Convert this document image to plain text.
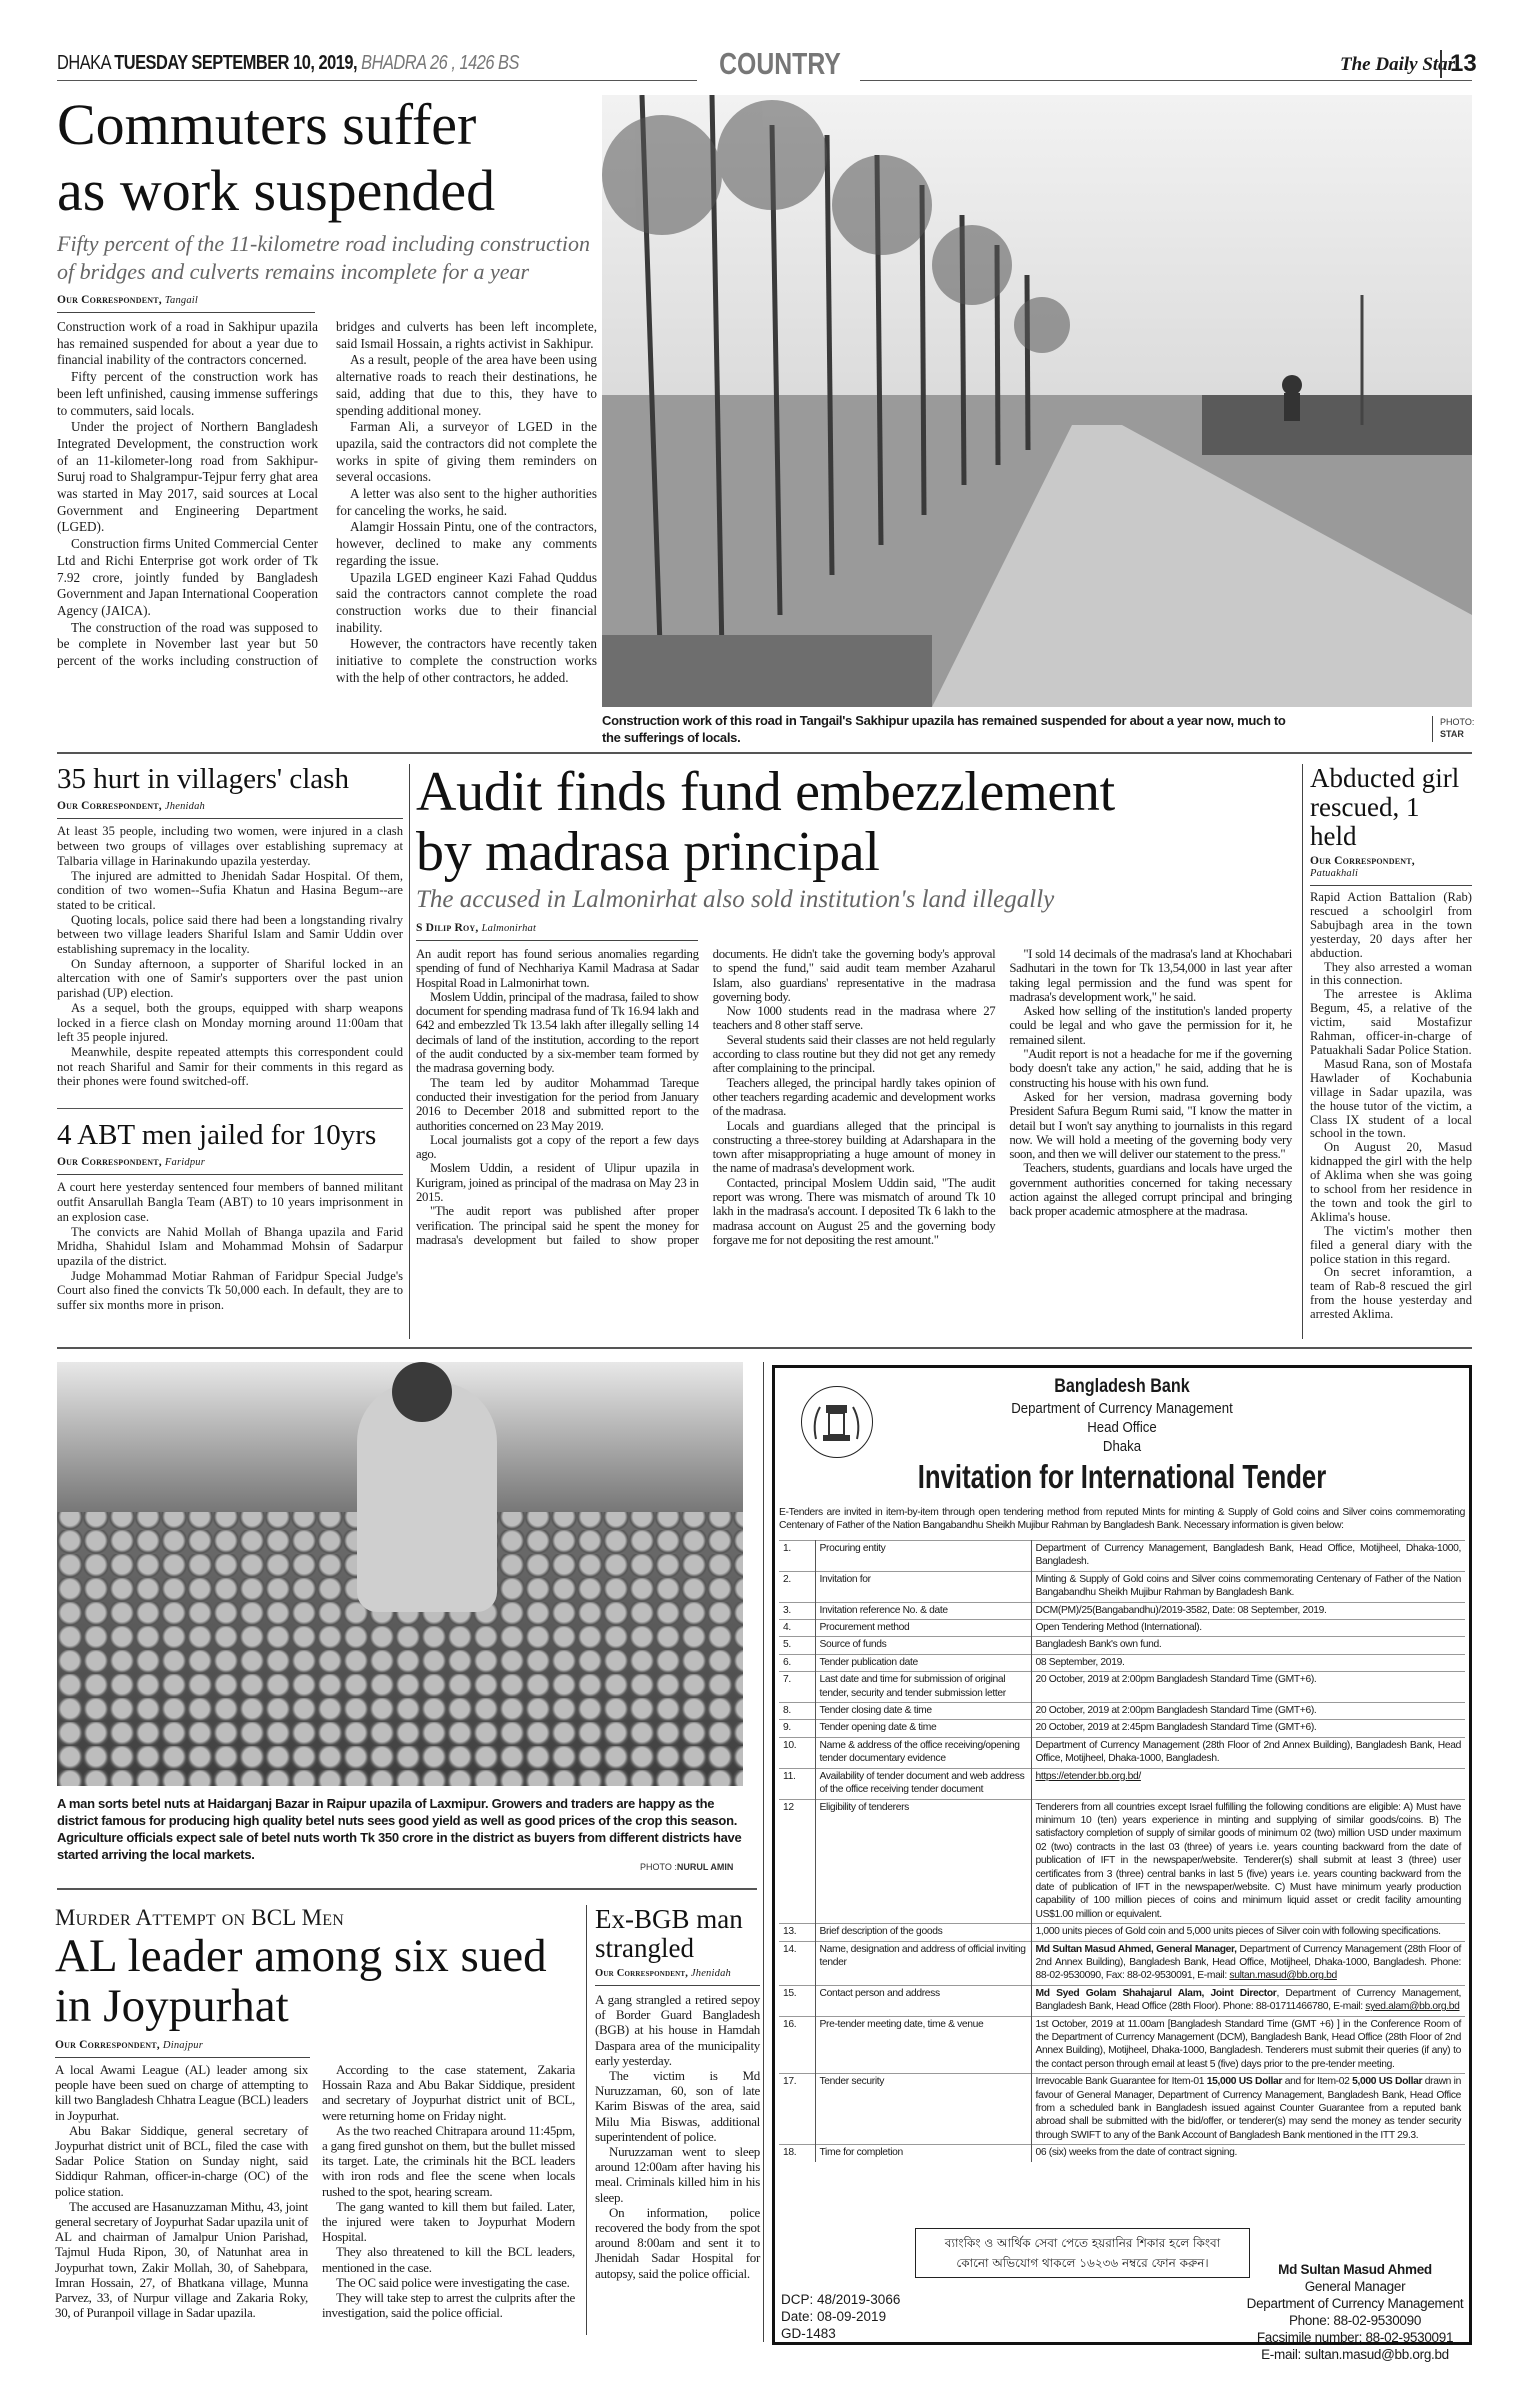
DHAKA TUESDAY SEPTEMBER 10, 2019, BHADRA 26 , 1426 BS	COUNTRY	The Daily Star
13
Commuters suffer
as work suspended
Fifty percent of the 11-kilometre road including construction of bridges and culverts remains incomplete for a year
Our Correspondent, Tangail

Construction work of a road in Sakhipur upazila has remained suspended for about a year due to financial inability of the contractors concerned.

Fifty percent of the construction work has been left unfinished, causing immense sufferings to commuters, said locals.

Under the project of Northern Bangladesh Integrated Development, the construction work of an 11-kilometer-long road from Sakhipur-Suruj road to Shalgrampur-Tejpur ferry ghat area was started in May 2017, said sources at Local Government and Engineering Department (LGED).

Construction firms United Commercial Center Ltd and Richi Enterprise got work order of Tk 7.92 crore, jointly funded by Bangladesh Government and Japan International Cooperation Agency (JAICA).

The construction of the road was supposed to be complete in November last year but 50 percent of the works including construction of bridges and culverts has been left incomplete, said Ismail Hossain, a rights activist in Sakhipur.

As a result, people of the area have been using alternative roads to reach their destinations, he said, adding that due to this, they have to spending additional money.

Farman Ali, a surveyor of LGED in the upazila, said the contractors did not complete the works in spite of giving them reminders on several occasions.

A letter was also sent to the higher authorities for canceling the works, he said.

Alamgir Hossain Pintu, one of the contractors, however, declined to make any comments regarding the issue.

Upazila LGED engineer Kazi Fahad Quddus said the contractors cannot complete the road construction works due to their financial inability.

However, the contractors have recently taken initiative to complete the construction works with the help of other contractors, he added.

Construction work of this road in Tangail's Sakhipur upazila has remained suspended for about a year now, much to the sufferings of locals.
PHOTO:
STAR
35 hurt in villagers' clash
Our Correspondent, Jhenidah

At least 35 people, including two women, were injured in a clash between two groups of villages over establishing supremacy at Talbaria village in Harinakundo upazila yesterday.

The injured are admitted to Jhenidah Sadar Hospital. Of them, condition of two women--Sufia Khatun and Hasina Begum--are stated to be critical.

Quoting locals, police said there had been a longstanding rivalry between two village leaders Shariful Islam and Samir Uddin over establishing supremacy in the locality.

On Sunday afternoon, a supporter of Shariful locked in an altercation with one of Samir's supporters over the past union parishad (UP) election.

As a sequel, both the groups, equipped with sharp weapons locked in a fierce clash on Monday morning around 11:00am that left 35 people injured.

Meanwhile, despite repeated attempts this correspondent could not reach Shariful and Samir for their comments in this regard as their phones were found switched-off.

4 ABT men jailed for 10yrs
Our Correspondent, Faridpur

A court here yesterday sentenced four members of banned militant outfit Ansarullah Bangla Team (ABT) to 10 years imprisonment in an explosion case.

The convicts are Nahid Mollah of Bhanga upazila and Farid Mridha, Shahidul Islam and Mohammad Mohsin of Sadarpur upazila of the district.

Judge Mohammad Motiar Rahman of Faridpur Special Judge's Court also fined the convicts Tk 50,000 each. In default, they are to suffer six months more in prison.

Audit finds fund embezzlement
by madrasa principal
The accused in Lalmonirhat also sold institution's land illegally
S Dilip Roy, Lalmonirhat

An audit report has found serious anomalies regarding spending of fund of Nechhariya Kamil Madrasa at Sadar Hospital Road in Lalmonirhat town.

Moslem Uddin, principal of the madrasa, failed to show document for spending madrasa fund of Tk 16.94 lakh and 642 and embezzled Tk 13.54 lakh after illegally selling 14 decimals of land of the institution, according to the report of the audit conducted by a six-member team formed by the madrasa governing body.

The team led by auditor Mohammad Tareque conducted their investigation for the period from January 2016 to December 2018 and submitted report to the authorities concerned on 23 May 2019.

Local journalists got a copy of the report a few days ago.

Moslem Uddin, a resident of Ulipur upazila in Kurigram, joined as principal of the madrasa on May 23 in 2015.

"The audit report was published after proper verification. The principal said he spent the money for madrasa's development but failed to show proper documents. He didn't take the governing body's approval to spend the fund," said audit team member Azaharul Islam, also guardians' representative in the madrasa governing body.

Now 1000 students read in the madrasa where 27 teachers and 8 other staff serve.

Several students said their classes are not held regularly according to class routine but they did not get any remedy after complaining to the principal.

Teachers alleged, the principal hardly takes opinion of other teachers regarding academic and development works of the madrasa.

Locals and guardians alleged that the principal is constructing a three-storey building at Adarshapara in the town after misappropriating a huge amount of money in the name of madrasa's development work.

Contacted, principal Moslem Uddin said, "The audit report was wrong. There was mismatch of around Tk 10 lakh in the madrasa's account. I deposited Tk 6 lakh to the madrasa account on August 25 and the governing body forgave me for not depositing the rest amount."

"I sold 14 decimals of the madrasa's land at Khochabari Sadhutari in the town for Tk 13,54,000 in last year after taking legal permission and the fund was spent for madrasa's development work," he said.

Asked how selling of the institution's landed property could be legal and who gave the permission for it, he remained silent.

"Audit report is not a headache for me if the governing body doesn't take any action," he said, adding that he is constructing his house with his own fund.

Asked for her version, madrasa governing body President Safura Begum Rumi said, "I know the matter in detail but I won't say anything to journalists in this regard now. We will hold a meeting of the governing body very soon, and then we will deliver our statement to the press."

Teachers, students, guardians and locals have urged the government authorities concerned for taking necessary action against the alleged corrupt principal and bringing back proper academic atmosphere at the madrasa.

Abducted girl rescued, 1 held
Our Correspondent,
Patuakhali

Rapid Action Battalion (Rab) rescued a schoolgirl from Sabujbagh area in the town yesterday, 20 days after her abduction.

They also arrested a woman in this connection.

The arrestee is Aklima Begum, 45, a relative of the victim, said Mostafizur Rahman, officer-in-charge of Patuakhali Sadar Police Station.

Masud Rana, son of Mostafa Hawlader of Kochabunia village in Sadar upazila, was the house tutor of the victim, a Class IX student of a local school in the town.

On August 20, Masud kidnapped the girl with the help of Aklima when she was going to school from her residence in the town and took the girl to Aklima's house.

The victim's mother then filed a general diary with the police station in this regard.

On secret inforamtion, a team of Rab-8 rescued the girl from the house yesterday and arrested Aklima.

A man sorts betel nuts at Haidarganj Bazar in Raipur upazila of Laxmipur. Growers and traders are happy as the district famous for producing high quality betel nuts sees good yield as well as good prices of the crop this season. Agriculture officials expect sale of betel nuts worth Tk 350 crore in the district as buyers from different districts have started arriving the local markets.
PHOTO :NURUL AMIN
Murder Attempt on BCL Men
AL leader among six sued in Joypurhat
Our Correspondent, Dinajpur

A local Awami League (AL) leader among six people have been sued on charge of attempting to kill two Bangladesh Chhatra League (BCL) leaders in Joypurhat.

Abu Bakar Siddique, general secretary of Joypurhat district unit of BCL, filed the case with Sadar Police Station on Sunday night, said Siddiqur Rahman, officer-in-charge (OC) of the police station.

The accused are Hasanuzzaman Mithu, 43, joint general secretary of Joypurhat Sadar upazila unit of AL and chairman of Jamalpur Union Parishad, Tajmul Huda Ripon, 30, of Natunhat area in Joypurhat town, Zakir Mollah, 30, of Sahebpara, Imran Hossain, 27, of Bhatkana village, Munna Parvez, 33, of Nurpur village and Zakaria Roky, 30, of Puranpoil village in Sadar upazila.

According to the case statement, Zakaria Hossain Raza and Abu Bakar Siddique, president and secretary of Joypurhat district unit of BCL, were returning home on Friday night.

As the two reached Chitrapara around 11:45pm, a gang fired gunshot on them, but the bullet missed its target. Late, the criminals hit the BCL leaders with iron rods and flee the scene when locals rushed to the spot, hearing scream.

The gang wanted to kill them but failed. Later, the injured were taken to Joypurhat Modern Hospital.

They also threatened to kill the BCL leaders, mentioned in the case.

The OC said police were investigating the case.

They will take step to arrest the culprits after the investigation, said the police official.

Ex-BGB man strangled
Our Correspondent, Jhenidah

A gang strangled a retired sepoy of Border Guard Bangladesh (BGB) at his house in Hamdah Daspara area of the municipality early yesterday.

The victim is Md Nuruzzaman, 60, son of late Karim Biswas of the area, said Milu Mia Biswas, additional superintendent of police.

Nuruzzaman went to sleep around 12:00am after having his meal. Criminals killed him in his sleep.

On information, police recovered the body from the spot around 8:00am and sent it to Jhenidah Sadar Hospital for autopsy, said the police official.

Bangladesh Bank
Department of Currency Management
Head Office
Dhaka
Invitation for International Tender
E-Tenders are invited in item-by-item through open tendering method from reputed Mints for minting & Supply of Gold coins and Silver coins commemorating Centenary of Father of the Nation Bangabandhu Sheikh Mujibur Rahman by Bangladesh Bank. Necessary information is given below:
1.	Procuring entity	Department of Currency Management, Bangladesh Bank, Head Office, Motijheel, Dhaka-1000, Bangladesh.
2.	Invitation for	Minting & Supply of Gold coins and Silver coins commemorating Centenary of Father of the Nation Bangabandhu Sheikh Mujibur Rahman by Bangladesh Bank.
3.	Invitation reference No. & date	DCM(PM)/25(Bangabandhu)/2019-3582, Date: 08 September, 2019.
4.	Procurement method	Open Tendering Method (International).
5.	Source of funds	Bangladesh Bank's own fund.
6.	Tender publication date	08 September, 2019.
7.	Last date and time for submission of original tender, security and tender submission letter	20 October, 2019 at 2:00pm Bangladesh Standard Time (GMT+6).
8.	Tender closing date & time	20 October, 2019 at 2:00pm Bangladesh Standard Time (GMT+6).
9.	Tender opening date & time	20 October, 2019 at 2:45pm Bangladesh Standard Time (GMT+6).
10.	Name & address of the office receiving/opening tender documentary evidence	Department of Currency Management (28th Floor of 2nd Annex Building), Bangladesh Bank, Head Office, Motijheel, Dhaka-1000, Bangladesh.
11.	Availability of tender document and web address of the office receiving tender document	https://etender.bb.org.bd/
12	Eligibility of tenderers	Tenderers from all countries except Israel fulfilling the following conditions are eligible: A) Must have minimum 10 (ten) years experience in minting and supplying of similar goods/coins. B) The satisfactory completion of supply of similar goods of minimum 02 (two) million USD under maximum 02 (two) contracts in the last 03 (three) of years i.e. years counting backward from the date of publication of IFT in the newspaper/website. Tenderer(s) shall submit at least 3 (three) user certificates from 3 (three) central banks in last 5 (five) years i.e. years counting backward from the date of publication of IFT in the newspaper/website. C) Must have minimum yearly production capability of 100 million pieces of coins and minimum liquid asset or credit facility amounting US$1.00 million or equivalent.
13.	Brief description of the goods	1,000 units pieces of Gold coin and 5,000 units pieces of Silver coin with following specifications.
14.	Name, designation and address of official inviting tender	Md Sultan Masud Ahmed, General Manager, Department of Currency Management (28th Floor of 2nd Annex Building), Bangladesh Bank, Head Office, Motijheel, Dhaka-1000, Bangladesh. Phone: 88-02-9530090, Fax: 88-02-9530091, E-mail: sultan.masud@bb.org.bd
15.	Contact person and address	Md Syed Golam Shahajarul Alam, Joint Director, Department of Currency Management, Bangladesh Bank, Head Office (28th Floor). Phone: 88-01711466780, E-mail: syed.alam@bb.org.bd
16.	Pre-tender meeting date, time & venue	1st October, 2019 at 11.00am [Bangladesh Standard Time (GMT +6) ] in the Conference Room of the Department of Currency Management (DCM), Bangladesh Bank, Head Office (28th Floor of 2nd Annex Building), Motijheel, Dhaka-1000, Bangladesh. Tenderers must submit their queries (if any) to the contact person through email at least 5 (five) days prior to the pre-tender meeting.
17.	Tender security	Irrevocable Bank Guarantee for Item-01 15,000 US Dollar and for Item-02 5,000 US Dollar drawn in favour of General Manager, Department of Currency Management, Bangladesh Bank, Head Office from a scheduled bank in Bangladesh issued against Counter Guarantee from a reputed bank abroad shall be submitted with the bid/offer, or tenderer(s) may send the money as tender security through SWIFT to any of the Bank Account of Bangladesh Bank mentioned in the ITT 29.3.
18.	Time for completion	06 (six) weeks from the date of contract signing.
ব্যাংকিং ও আর্থিক সেবা পেতে হয়রানির শিকার হলে কিংবা কোনো অভিযোগ থাকলে ১৬২৩৬ নম্বরে ফোন করুন।	Md Sultan Masud Ahmed
General Manager
Department of Currency Management
Phone: 88-02-9530090
Facsimile number: 88-02-9530091
E-mail: sultan.masud@bb.org.bd
DCP: 48/2019-3066
Date: 08-09-2019
GD-1483
